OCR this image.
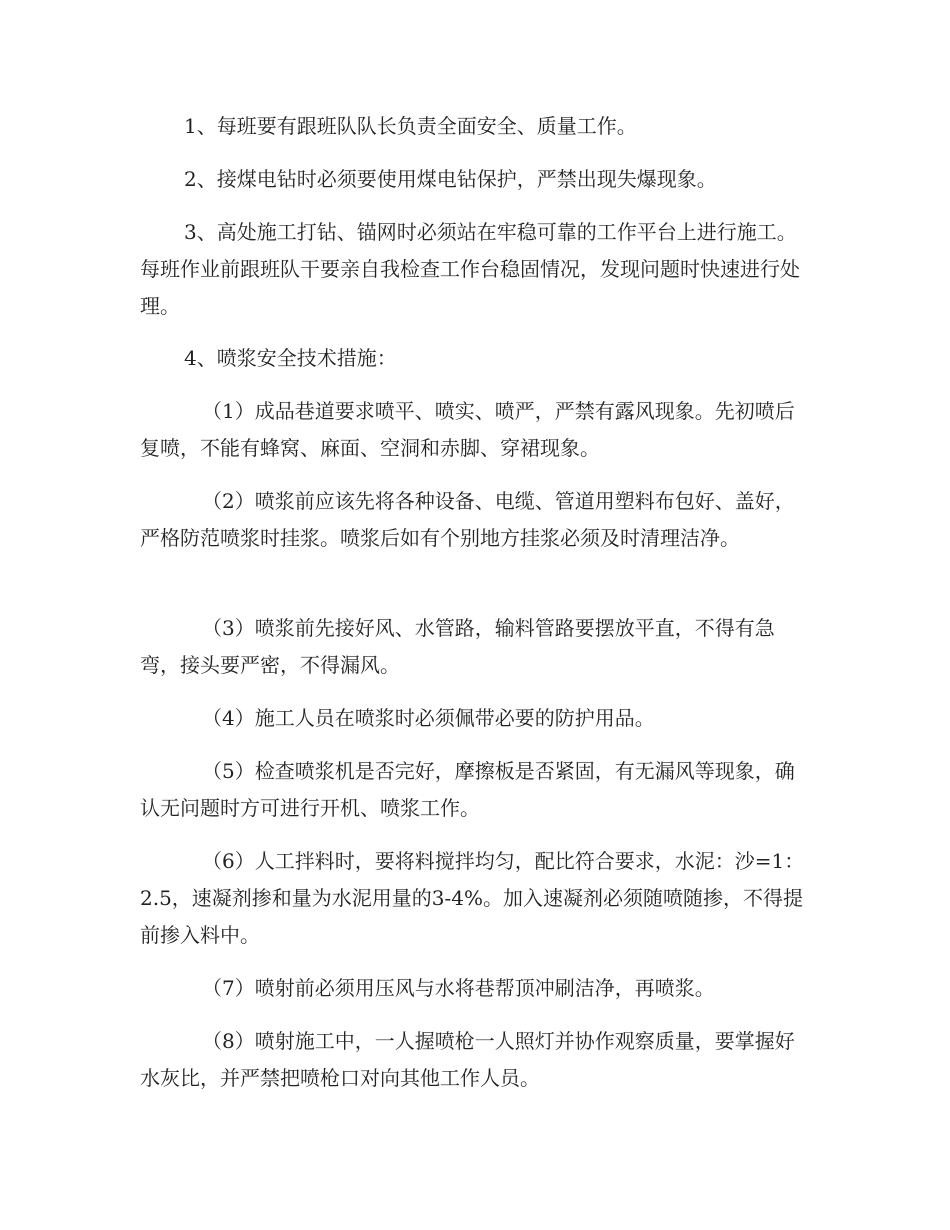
1、每班要有跟班队队长负责全面安全、质量工作。

2、接煤电钻时必须要使用煤电钻保护，严禁出现失爆现象。

3、高处施工打钻、锚网时必须站在牢稳可靠的工作平台上进行施工。每班作业前跟班队干要亲自我检查工作台稳固情况，发现问题时快速进行处理。

4、喷浆安全技术措施：

（1）成品巷道要求喷平、喷实、喷严，严禁有露风现象。先初喷后复喷，不能有蜂窝、麻面、空洞和赤脚、穿裙现象。

（2）喷浆前应该先将各种设备、电缆、管道用塑料布包好、盖好，严格防范喷浆时挂浆。喷浆后如有个别地方挂浆必须及时清理洁净。

（3）喷浆前先接好风、水管路，输料管路要摆放平直，不得有急弯，接头要严密，不得漏风。

（4）施工人员在喷浆时必须佩带必要的防护用品。

（5）检查喷浆机是否完好，摩擦板是否紧固，有无漏风等现象，确认无问题时方可进行开机、喷浆工作。

（6）人工拌料时，要将料搅拌均匀，配比符合要求，水泥：沙=1：2.5，速凝剂掺和量为水泥用量的3-4%。加入速凝剂必须随喷随掺，不得提前掺入料中。

（7）喷射前必须用压风与水将巷帮顶冲刷洁净，再喷浆。

（8）喷射施工中，一人握喷枪一人照灯并协作观察质量，要掌握好水灰比，并严禁把喷枪口对向其他工作人员。
